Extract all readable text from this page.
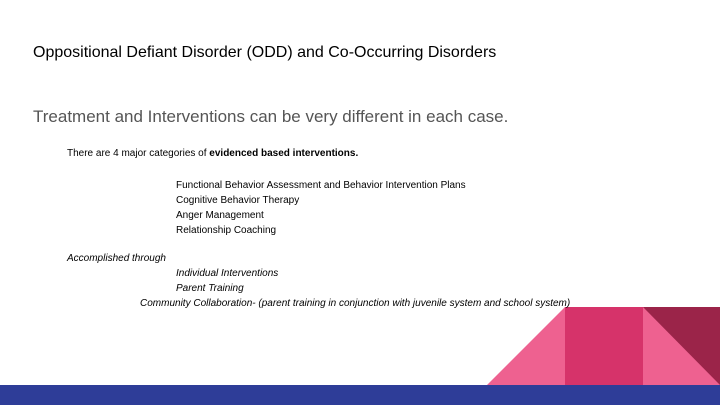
Oppositional Defiant Disorder (ODD) and Co-Occurring Disorders
Treatment and Interventions can be very different in each case.
There are 4 major categories of evidenced based interventions.
Functional Behavior Assessment and Behavior Intervention Plans
Cognitive Behavior Therapy
Anger Management
Relationship Coaching
Accomplished through
Individual Interventions
Parent Training
Community Collaboration- (parent training in conjunction with juvenile system and school system)
